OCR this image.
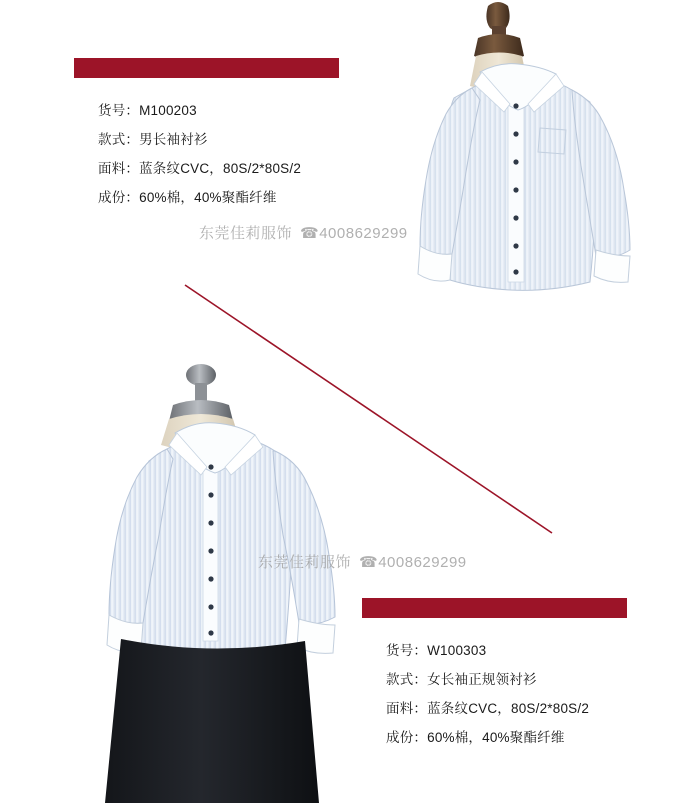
货号：M100203
款式：男长袖衬衫
面料：蓝条纹CVC，80S/2*80S/2
成份：60%棉，40%聚酯纤维
东莞佳莉服饰 ☎4008629299
东莞佳莉服饰 ☎4008629299
货号：W100303
款式：女长袖正规领衬衫
面料：蓝条纹CVC，80S/2*80S/2
成份：60%棉，40%聚酯纤维
